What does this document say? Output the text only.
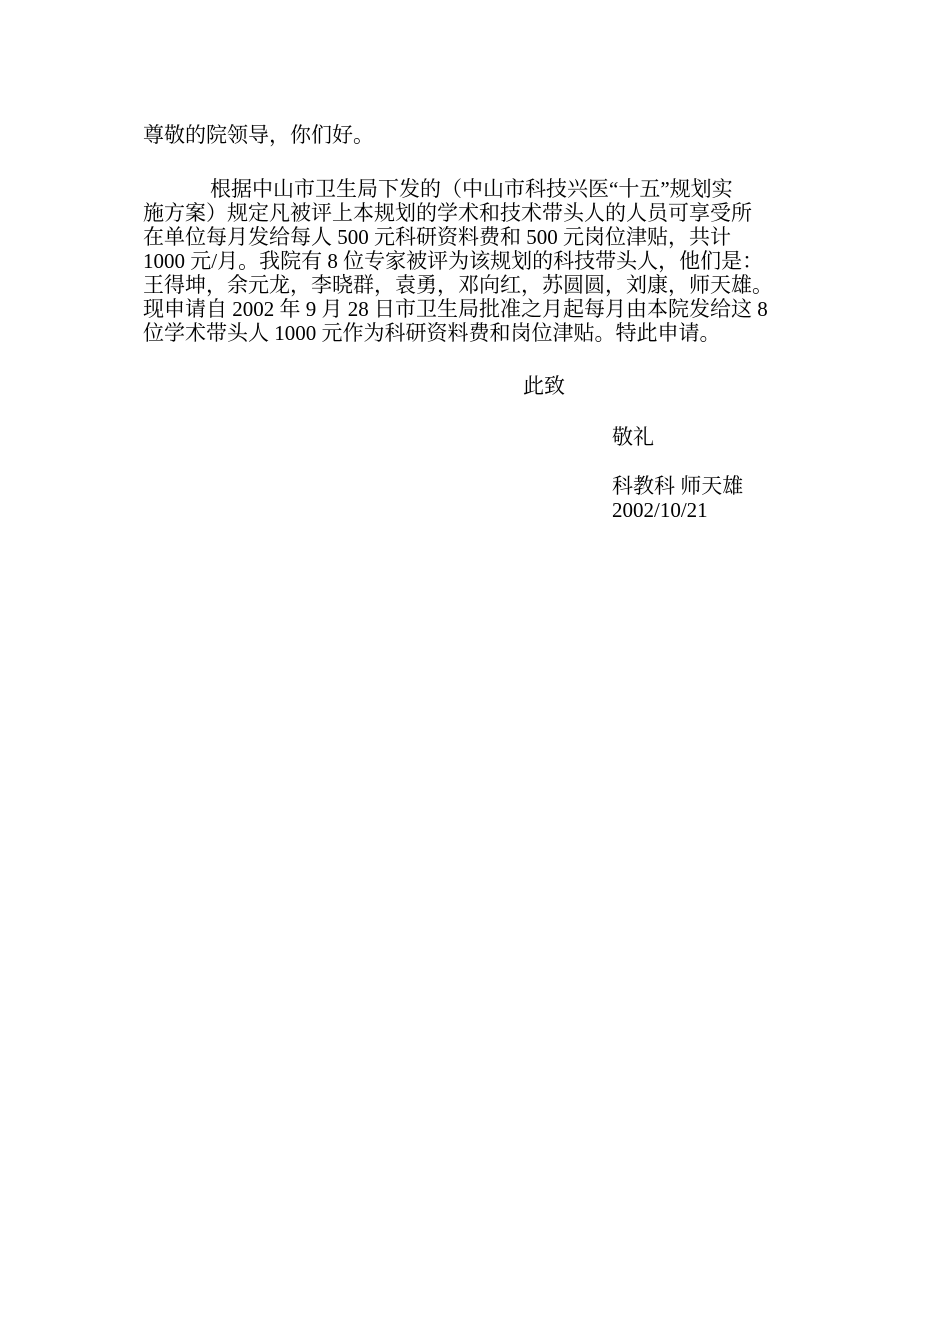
尊敬的院领导，你们好。
根据中山市卫生局下发的（中山市科技兴医“十五”规划实
施方案）规定凡被评上本规划的学术和技术带头人的人员可享受所
在单位每月发给每人 500 元科研资料费和 500 元岗位津贴，共计
1000 元/月。我院有 8 位专家被评为该规划的科技带头人，他们是：
王得坤，余元龙，李晓群，袁勇，邓向红，苏圆圆，刘康，师天雄。
现申请自 2002 年 9 月 28 日市卫生局批准之月起每月由本院发给这 8
位学术带头人 1000 元作为科研资料费和岗位津贴。特此申请。
此致
敬礼
科教科 师天雄
2002/10/21
